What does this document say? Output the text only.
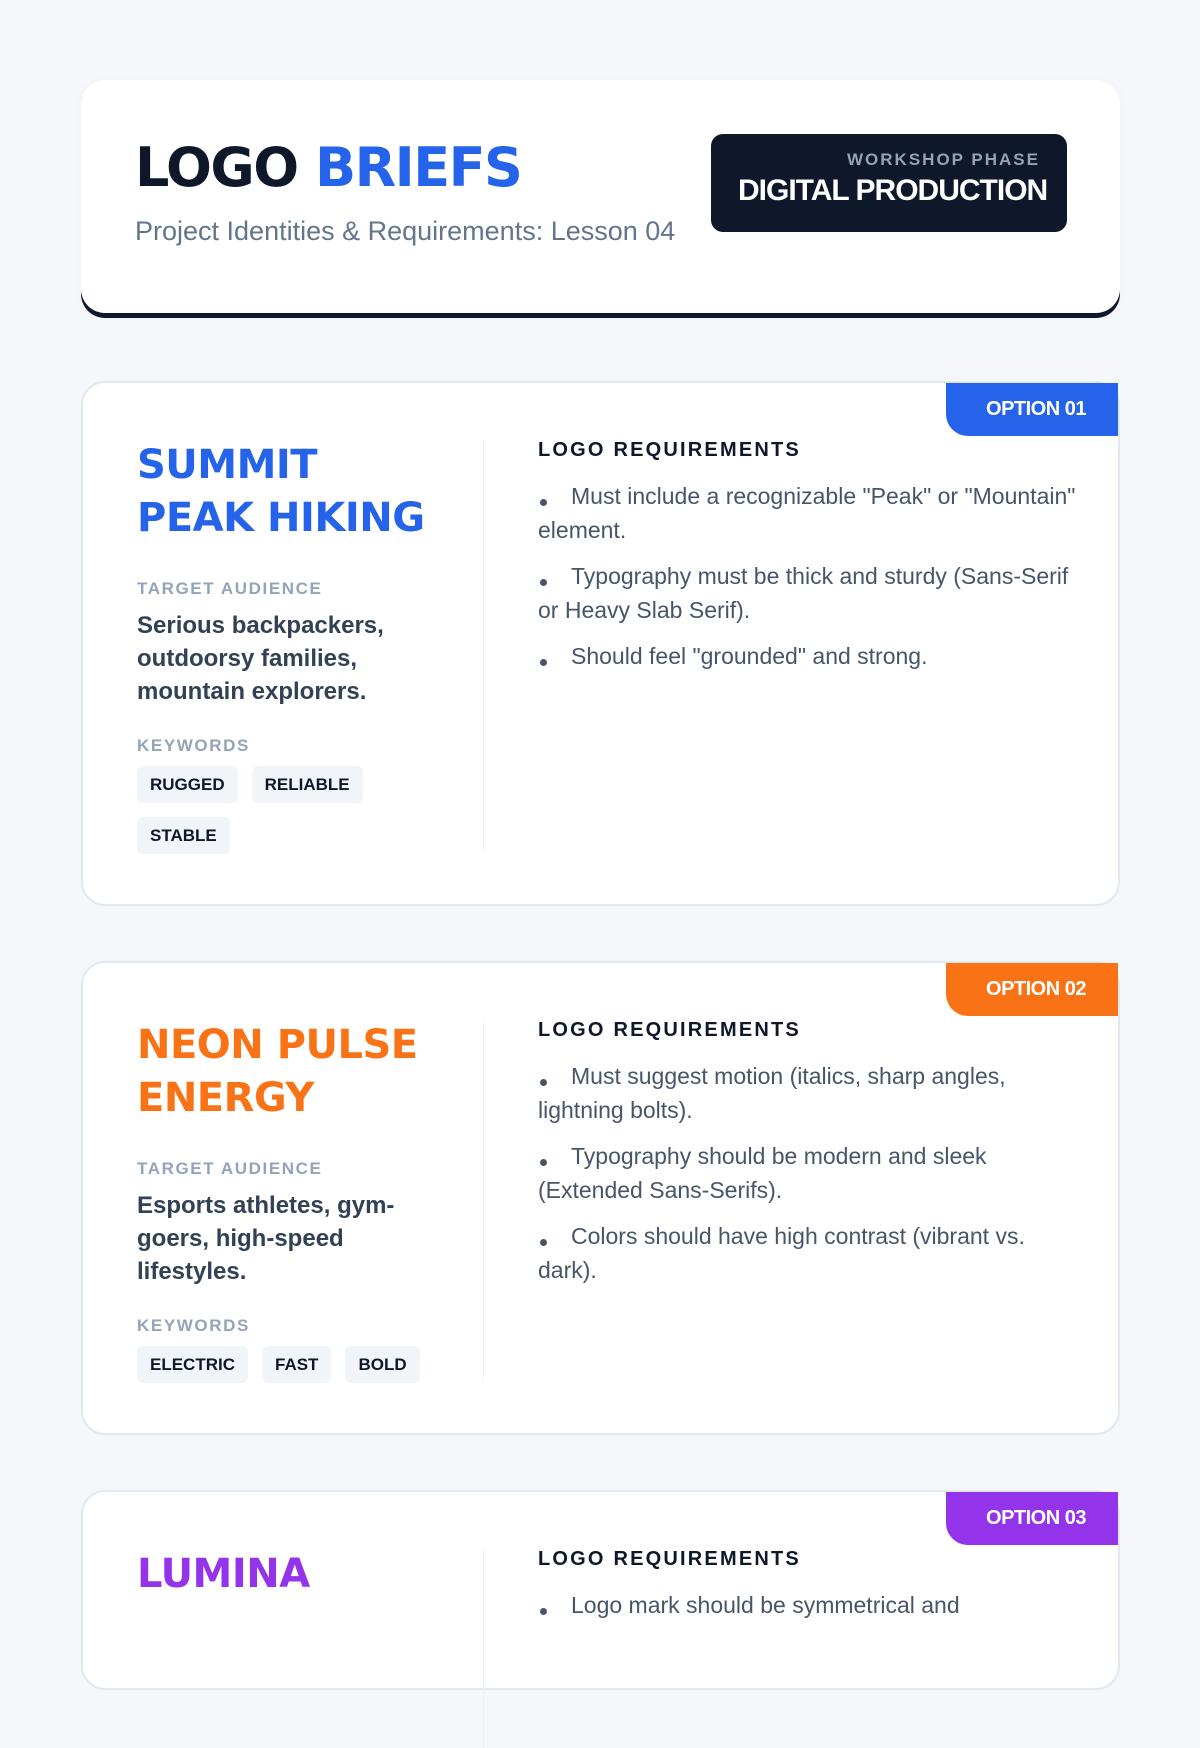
LOGO BRIEFS
Project Identities & Requirements: Lesson 04
WORKSHOP PHASE
DIGITAL PRODUCTION
OPTION 01
SUMMIT
PEAK HIKING
TARGET AUDIENCE
Serious backpackers, outdoorsy families, mountain explorers.
KEYWORDS
RUGGED	RELIABLE
STABLE
LOGO REQUIREMENTS
Must include a recognizable "Peak" or "Mountain" element.
Typography must be thick and sturdy (Sans-Serif or Heavy Slab Serif).
Should feel "grounded" and strong.
OPTION 02
NEON PULSE
ENERGY
TARGET AUDIENCE
Esports athletes, gym-goers, high-speed lifestyles.
KEYWORDS
ELECTRIC	FAST	BOLD
LOGO REQUIREMENTS
Must suggest motion (italics, sharp angles, lightning bolts).
Typography should be modern and sleek (Extended Sans-Serifs).
Colors should have high contrast (vibrant vs. dark).
OPTION 03
LUMINA	LOGO REQUIREMENTS
Logo mark should be symmetrical and
